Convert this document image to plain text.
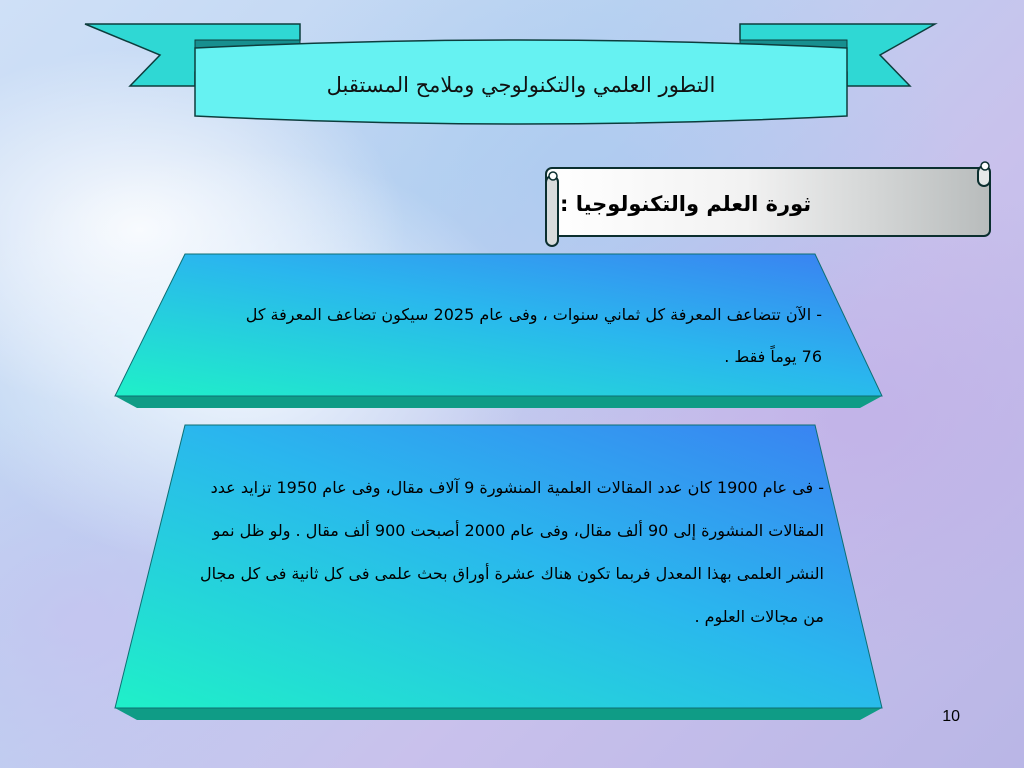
التطور العلمي والتكنولوجي وملامح المستقبل
ثورة العلم والتكنولوجيا :
- الآن تتضاعف المعرفة كل ثماني سنوات ، وفى عام 2025 سيكون تضاعف المعرفة كل 76 يوماً فقط .
- فى عام 1900 كان عدد المقالات العلمية المنشورة 9 آلاف مقال، وفى عام 1950 تزايد عدد المقالات المنشورة إلى 90 ألف مقال، وفى عام 2000 أصبحت 900 ألف مقال . ولو ظل نمو النشر العلمى بهذا المعدل فربما تكون هناك عشرة أوراق بحث علمى فى كل ثانية فى كل مجال من مجالات العلوم .
10
